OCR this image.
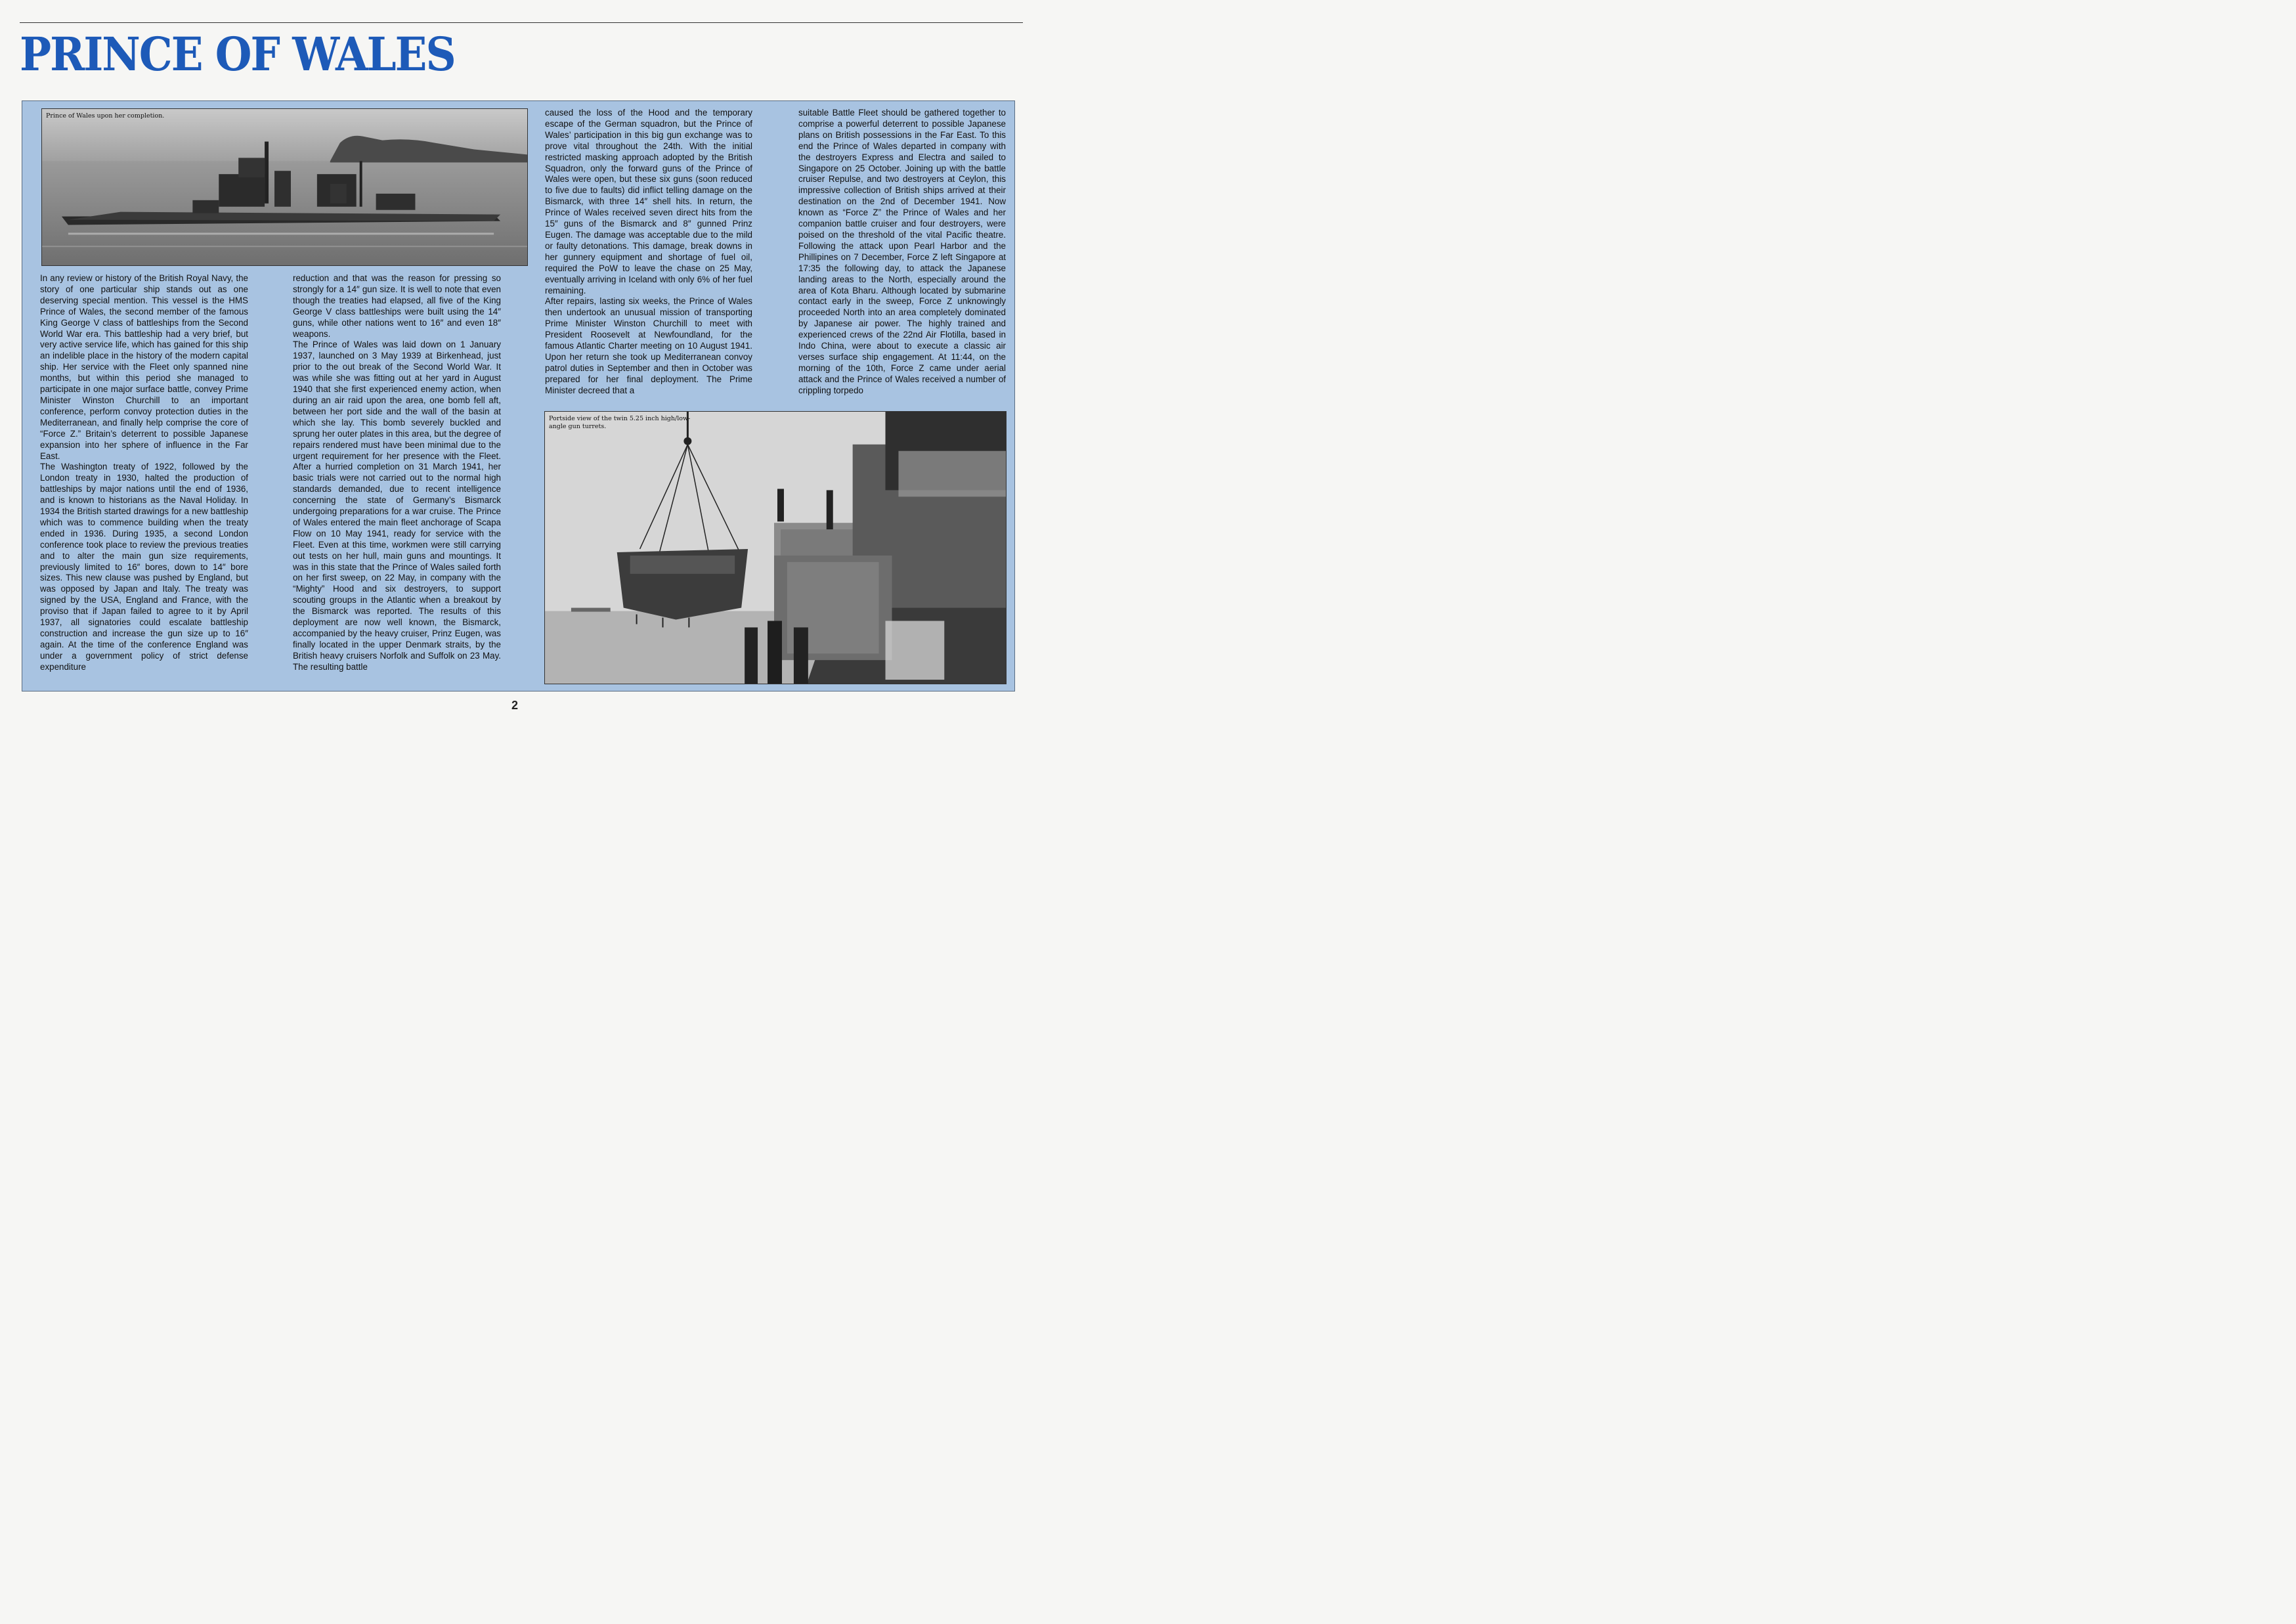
PRINCE OF WALES
Prince of Wales upon her completion.

In any review or history of the British Royal Navy, the story of one particular ship stands out as one deserving special mention. This vessel is the HMS Prince of Wales, the second member of the famous King George V class of battleships from the Second World War era. This battleship had a very brief, but very active service life, which has gained for this ship an indelible place in the history of the modern capital ship. Her service with the Fleet only spanned nine months, but within this period she managed to participate in one major surface battle, convey Prime Minister Winston Churchill to an important conference, perform convoy protection duties in the Mediterranean, and finally help comprise the core of “Force Z.” Britain’s deterrent to possible Japanese expansion into her sphere of influence in the Far East.

The Washington treaty of 1922, followed by the London treaty in 1930, halted the production of battleships by major nations until the end of 1936, and is known to historians as the Naval Holiday. In 1934 the British started drawings for a new battleship which was to commence building when the treaty ended in 1936. During 1935, a second London conference took place to review the previous treaties and to alter the main gun size requirements, previously limited to 16″ bores, down to 14″ bore sizes. This new clause was pushed by England, but was opposed by Japan and Italy. The treaty was signed by the USA, England and France, with the proviso that if Japan failed to agree to it by April 1937, all signatories could escalate battleship construction and increase the gun size up to 16″ again. At the time of the conference England was under a government policy of strict defense expenditure

reduction and that was the reason for pressing so strongly for a 14″ gun size. It is well to note that even though the treaties had elapsed, all five of the King George V class battleships were built using the 14″ guns, while other nations went to 16″ and even 18″ weapons.

The Prince of Wales was laid down on 1 January 1937, launched on 3 May 1939 at Birkenhead, just prior to the out break of the Second World War. It was while she was fitting out at her yard in August 1940 that she first experienced enemy action, when during an air raid upon the area, one bomb fell aft, between her port side and the wall of the basin at which she lay. This bomb severely buckled and sprung her outer plates in this area, but the degree of repairs rendered must have been minimal due to the urgent requirement for her presence with the Fleet. After a hurried completion on 31 March 1941, her basic trials were not carried out to the normal high standards demanded, due to recent intelligence concerning the state of Germany’s Bismarck undergoing preparations for a war cruise. The Prince of Wales entered the main fleet anchorage of Scapa Flow on 10 May 1941, ready for service with the Fleet. Even at this time, workmen were still carrying out tests on her hull, main guns and mountings. It was in this state that the Prince of Wales sailed forth on her first sweep, on 22 May, in company with the “Mighty” Hood and six destroyers, to support scouting groups in the Atlantic when a breakout by the Bismarck was reported. The results of this deployment are now well known, the Bismarck, accompanied by the heavy cruiser, Prinz Eugen, was finally located in the upper Denmark straits, by the British heavy cruisers Norfolk and Suffolk on 23 May. The resulting battle

caused the loss of the Hood and the temporary escape of the German squadron, but the Prince of Wales’ participation in this big gun exchange was to prove vital throughout the 24th. With the initial restricted masking approach adopted by the British Squadron, only the forward guns of the Prince of Wales were open, but these six guns (soon reduced to five due to faults) did inflict telling damage on the Bismarck, with three 14″ shell hits. In return, the Prince of Wales received seven direct hits from the 15″ guns of the Bismarck and 8″ gunned Prinz Eugen. The damage was acceptable due to the mild or faulty detonations. This damage, break downs in her gunnery equipment and shortage of fuel oil, required the PoW to leave the chase on 25 May, eventually arriving in Iceland with only 6% of her fuel remaining.

After repairs, lasting six weeks, the Prince of Wales then undertook an unusual mission of transporting Prime Minister Winston Churchill to meet with President Roosevelt at Newfoundland, for the famous Atlantic Charter meeting on 10 August 1941. Upon her return she took up Mediterranean convoy patrol duties in September and then in October was prepared for her final deployment. The Prime Minister decreed that a

suitable Battle Fleet should be gathered together to comprise a powerful deterrent to possible Japanese plans on British possessions in the Far East. To this end the Prince of Wales departed in company with the destroyers Express and Electra and sailed to Singapore on 25 October. Joining up with the battle cruiser Repulse, and two destroyers at Ceylon, this impressive collection of British ships arrived at their destination on the 2nd of December 1941. Now known as “Force Z” the Prince of Wales and her companion battle cruiser and four destroyers, were poised on the threshold of the vital Pacific theatre. Following the attack upon Pearl Harbor and the Phillipines on 7 December, Force Z left Singapore at 17:35 the following day, to attack the Japanese landing areas to the North, especially around the area of Kota Bharu. Although located by submarine contact early in the sweep, Force Z unknowingly proceeded North into an area completely dominated by Japanese air power. The highly trained and experienced crews of the 22nd Air Flotilla, based in Indo China, were about to execute a classic air verses surface ship engagement. At 11:44, on the morning of the 10th, Force Z came under aerial attack and the Prince of Wales received a number of crippling torpedo

Portside view of the twin 5.25 inch high/low-
angle gun turrets.
2
